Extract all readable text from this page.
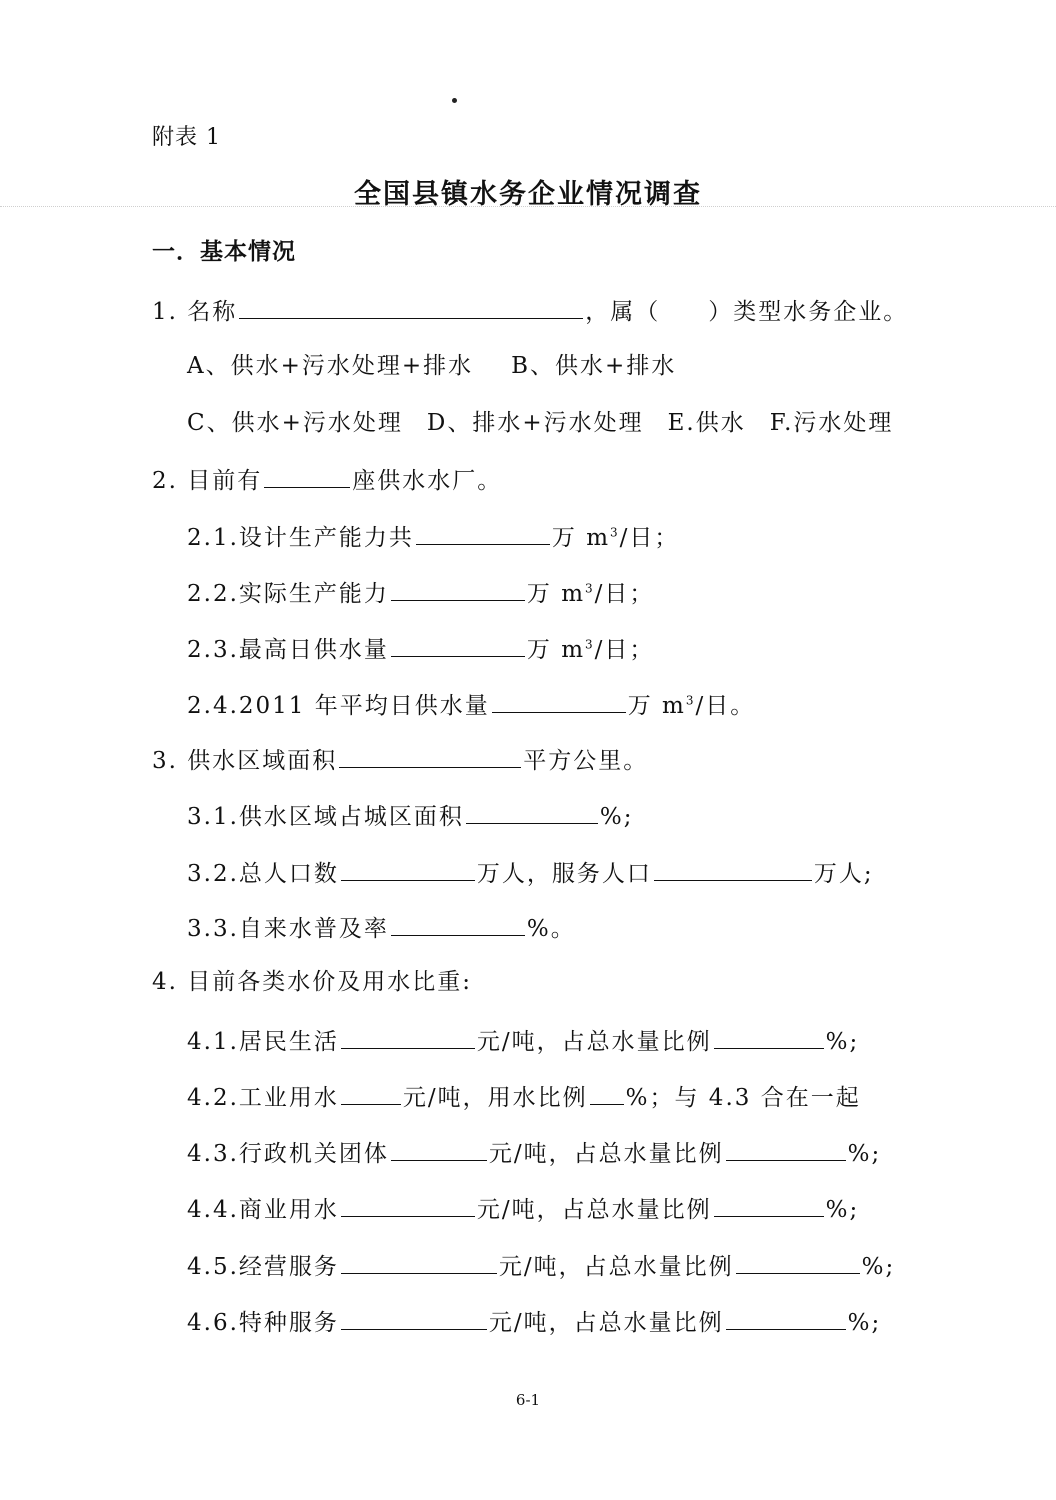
附表 1
全国县镇水务企业情况调查
一．基本情况
1. 名称	，属（ ）类型水务企业。
A、供水+污水处理+排水 B、供水+排水
C、供水+污水处理 D、排水+污水处理 E.供水 F.污水处理
2. 目前有	座供水水厂。
2.1.设计生产能力共	万 $m^3/$日；
2.2.实际生产能力	万 $m^3/$日；
2.3.最高日供水量	万 $m^3/$日；
2.4.2011 年平均日供水量	万 $m^3/$日。
3. 供水区域面积	平方公里。
3.1.供水区域占城区面积	%;
3.2.总人口数	万人，服务人口	万人;
3.3.自来水普及率	%。
4. 目前各类水价及用水比重:
4.1.居民生活	元/吨，占总水量比例	%;
4.2.工业用水	元/吨，用水比例 %；与 4.3 合在一起
4.3.行政机关团体	元/吨，占总水量比例	%;
4.4.商业用水	元/吨，占总水量比例	%;
4.5.经营服务	元/吨，占总水量比例	%;
4.6.特种服务	元/吨，占总水量比例	%;
6-1
